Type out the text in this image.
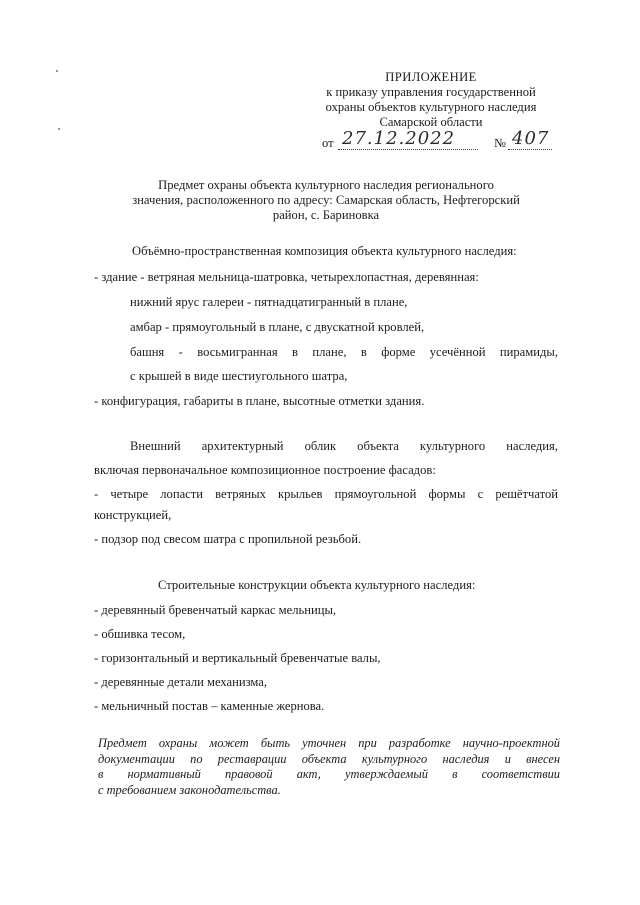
ПРИЛОЖЕНИЕ
к приказу управления государственной
охраны объектов культурного наследия
Самарской области
от 27.12.2022	№ 407
Предмет охраны объекта культурного наследия регионального
значения, расположенного по адресу: Самарская область, Нефтегорский
район, с. Бариновка
Объёмно-пространственная композиция объекта культурного наследия:
- здание - ветряная мельница-шатровка, четырехлопастная, деревянная:
нижний ярус галереи - пятнадцатигранный в плане,
амбар - прямоугольный в плане, с двускатной кровлей,
башня - восьмигранная в плане, в форме усечённой пирамиды,
с крышей в виде шестиугольного шатра,
- конфигурация, габариты в плане, высотные отметки здания.
Внешний архитектурный облик объекта культурного наследия,
включая первоначальное композиционное построение фасадов:
- четыре лопасти ветряных крыльев прямоугольной формы с решётчатой
конструкцией,
- подзор под свесом шатра с пропильной резьбой.
Строительные конструкции объекта культурного наследия:
- деревянный бревенчатый каркас мельницы,
- обшивка тесом,
- горизонтальный и вертикальный бревенчатые валы,
- деревянные детали механизма,
- мельничный постав – каменные жернова.
Предмет охраны может быть уточнен при разработке научно-проектной
документации по реставрации объекта культурного наследия и внесен
в нормативный правовой акт, утверждаемый в соответствии
с требованием законодательства.
